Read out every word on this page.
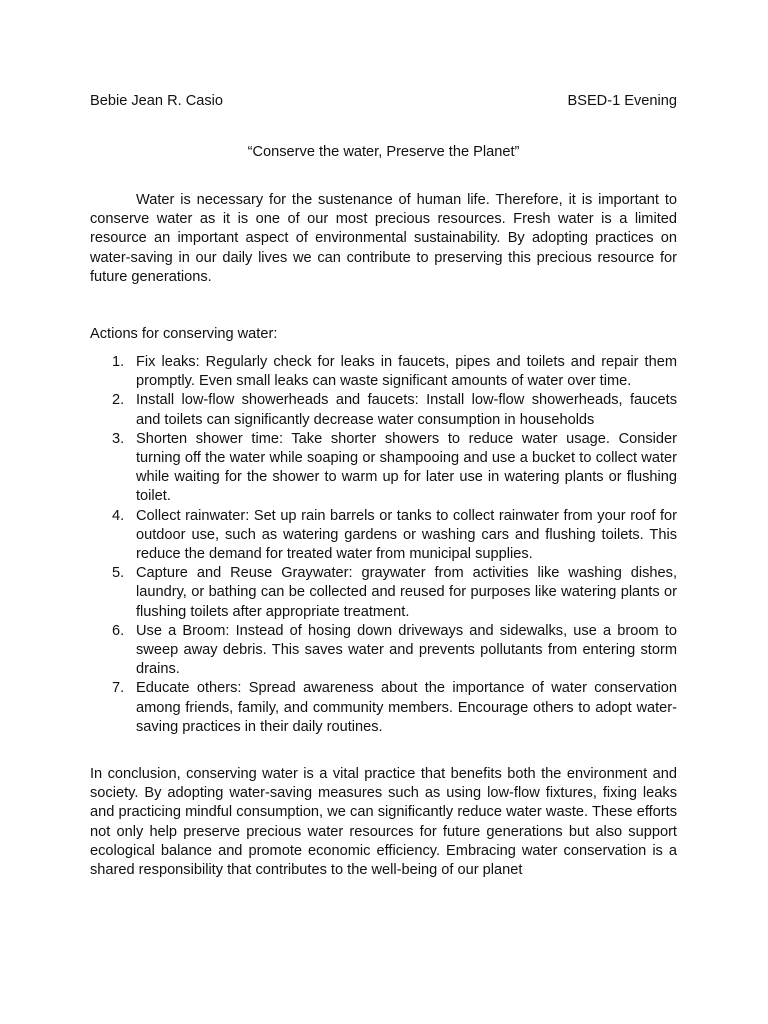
Bebie Jean R. Casio	BSED-1 Evening
“Conserve the water, Preserve the Planet”

Water is necessary for the sustenance of human life. Therefore, it is important to conserve water as it is one of our most precious resources. Fresh water is a limited resource an important aspect of environmental sustainability. By adopting practices on water-saving in our daily lives we can contribute to preserving this precious resource for future generations.

Actions for conserving water:
1. Fix leaks: Regularly check for leaks in faucets, pipes and toilets and repair them promptly. Even small leaks can waste significant amounts of water over time.
2. Install low-flow showerheads and faucets: Install low-flow showerheads, faucets and toilets can significantly decrease water consumption in households
3. Shorten shower time: Take shorter showers to reduce water usage. Consider turning off the water while soaping or shampooing and use a bucket to collect water while waiting for the shower to warm up for later use in watering plants or flushing toilet.
4. Collect rainwater: Set up rain barrels or tanks to collect rainwater from your roof for outdoor use, such as watering gardens or washing cars and flushing toilets. This reduce the demand for treated water from municipal supplies.
5. Capture and Reuse Graywater: graywater from activities like washing dishes, laundry, or bathing can be collected and reused for purposes like watering plants or flushing toilets after appropriate treatment.
6. Use a Broom: Instead of hosing down driveways and sidewalks, use a broom to sweep away debris. This saves water and prevents pollutants from entering storm drains.
7. Educate others: Spread awareness about the importance of water conservation among friends, family, and community members. Encourage others to adopt water-saving practices in their daily routines.

In conclusion, conserving water is a vital practice that benefits both the environment and society. By adopting water-saving measures such as using low-flow fixtures, fixing leaks and practicing mindful consumption, we can significantly reduce water waste. These efforts not only help preserve precious water resources for future generations but also support ecological balance and promote economic efficiency. Embracing water conservation is a shared responsibility that contributes to the well-being of our planet
